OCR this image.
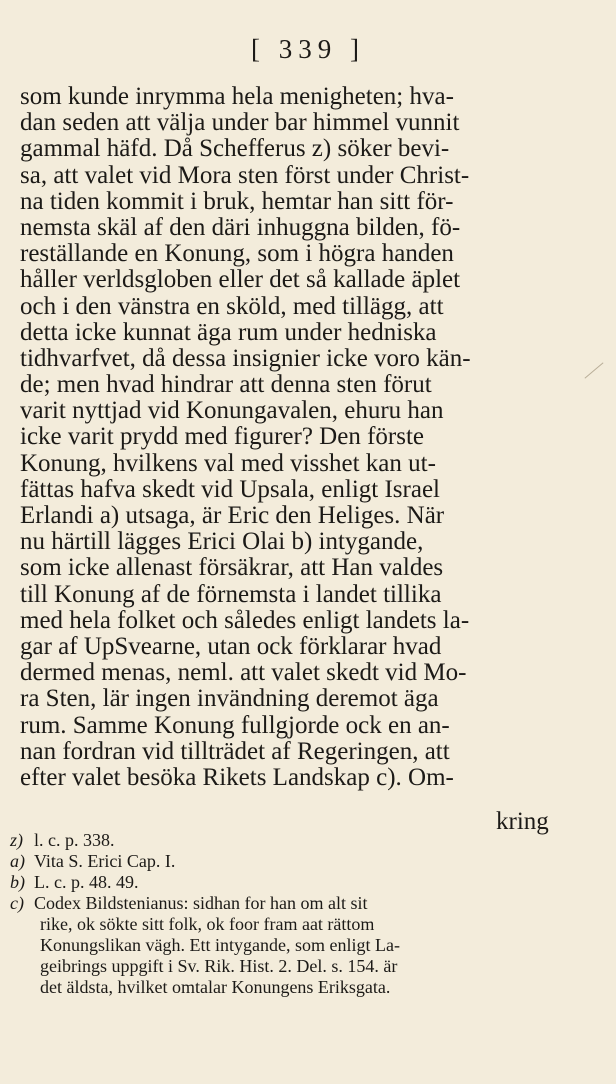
[ 339 ]
som kunde inrymma hela menigheten; hva-
dan seden att välja under bar himmel vunnit
gammal häfd. Då Schefferus z) söker bevi-
sa, att valet vid Mora sten först under Christ-
na tiden kommit i bruk, hemtar han sitt för-
nemsta skäl af den däri inhuggna bilden, fö-
reställande en Konung, som i högra handen
håller verldsgloben eller det så kallade äplet
och i den vänstra en sköld, med tillägg, att
detta icke kunnat äga rum under hedniska
tidhvarfvet, då dessa insignier icke voro kän-
de; men hvad hindrar att denna sten förut
varit nyttjad vid Konungavalen, ehuru han
icke varit prydd med figurer? Den förste
Konung, hvilkens val med visshet kan ut-
fättas hafva skedt vid Upsala, enligt Israel
Erlandi a) utsaga, är Eric den Heliges. När
nu härtill lägges Erici Olai b) intygande,
som icke allenast försäkrar, att Han valdes
till Konung af de förnemsta i landet tillika
med hela folket och således enligt landets la-
gar af UpSvearne, utan ock förklarar hvad
dermed menas, neml. att valet skedt vid Mo-
ra Sten, lär ingen invändning deremot äga
rum. Samme Konung fullgjorde ock en an-
nan fordran vid tillträdet af Regeringen, att
efter valet besöka Rikets Landskap c). Om-
kring
z) l. c. p. 338.
a) Vita S. Erici Cap. I.
b) L. c. p. 48. 49.
c) Codex Bildstenianus: sidhan for han om alt sit
rike, ok sökte sitt folk, ok foor fram aat rättom
Konungslikan vägh. Ett intygande, som enligt La-
geibrings uppgift i Sv. Rik. Hist. 2. Del. s. 154. är
det äldsta, hvilket omtalar Konungens Eriksgata.
